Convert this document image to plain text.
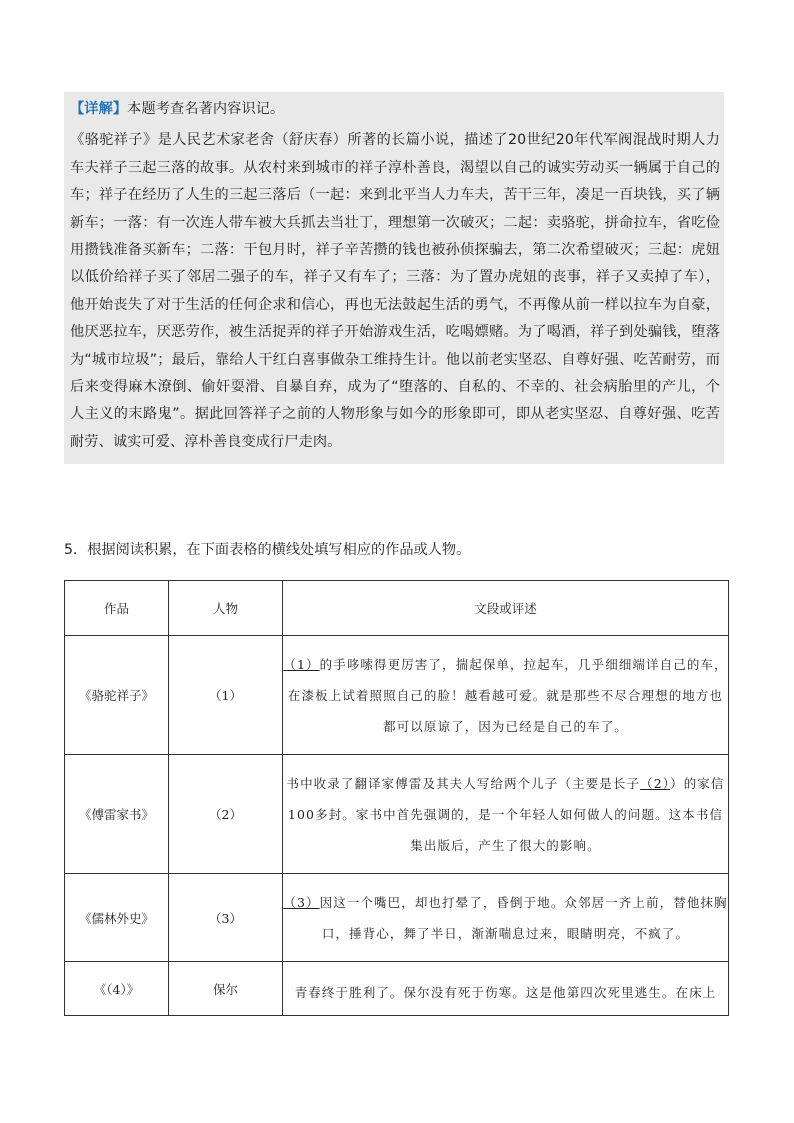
【详解】本题考查名著内容识记。

《骆驼祥子》是人民艺术家老舍（舒庆春）所著的长篇小说，描述了20世纪20年代军阀混战时期人力车夫祥子三起三落的故事。从农村来到城市的祥子淳朴善良，渴望以自己的诚实劳动买一辆属于自己的车；祥子在经历了人生的三起三落后（一起：来到北平当人力车夫，苦干三年，凑足一百块钱，买了辆新车；一落：有一次连人带车被大兵抓去当壮丁，理想第一次破灭；二起：卖骆驼，拼命拉车，省吃俭用攒钱准备买新车；二落：干包月时，祥子辛苦攒的钱也被孙侦探骗去，第二次希望破灭；三起：虎妞以低价给祥子买了邻居二强子的车，祥子又有车了；三落：为了置办虎妞的丧事，祥子又卖掉了车），他开始丧失了对于生活的任何企求和信心，再也无法鼓起生活的勇气，不再像从前一样以拉车为自豪，他厌恶拉车，厌恶劳作，被生活捉弄的祥子开始游戏生活，吃喝嫖赌。为了喝酒，祥子到处骗钱，堕落为“城市垃圾”；最后，靠给人干红白喜事做杂工维持生计。他以前老实坚忍、自尊好强、吃苦耐劳，而后来变得麻木潦倒、偷奸耍滑、自暴自弃，成为了“堕落的、自私的、不幸的、社会病胎里的产儿，个人主义的末路鬼”。据此回答祥子之前的人物形象与如今的形象即可，即从老实坚忍、自尊好强、吃苦耐劳、诚实可爱、淳朴善良变成行尸走肉。

5．根据阅读积累，在下面表格的横线处填写相应的作品或人物。
作品	人物	文段或评述
《骆驼祥子》	（1）	（1）的手哆嗦得更厉害了，揣起保单，拉起车，几乎细细端详自己的车，在漆板上试着照照自己的脸！越看越可爱。就是那些不尽合理想的地方也都可以原谅了，因为已经是自己的车了。
《傅雷家书》	（2）	书中收录了翻译家傅雷及其夫人写给两个儿子（主要是长子（2））的家信100多封。家书中首先强调的，是一个年轻人如何做人的问题。这本书信集出版后，产生了很大的影响。
《儒林外史》	（3）	（3）因这一个嘴巴，却也打晕了，昏倒于地。众邻居一齐上前，替他抹胸口，捶背心，舞了半日，渐渐喘息过来，眼睛明亮，不疯了。
《（4）》	保尔	青春终于胜利了。保尔没有死于伤寒。这是他第四次死里逃生。在床上
